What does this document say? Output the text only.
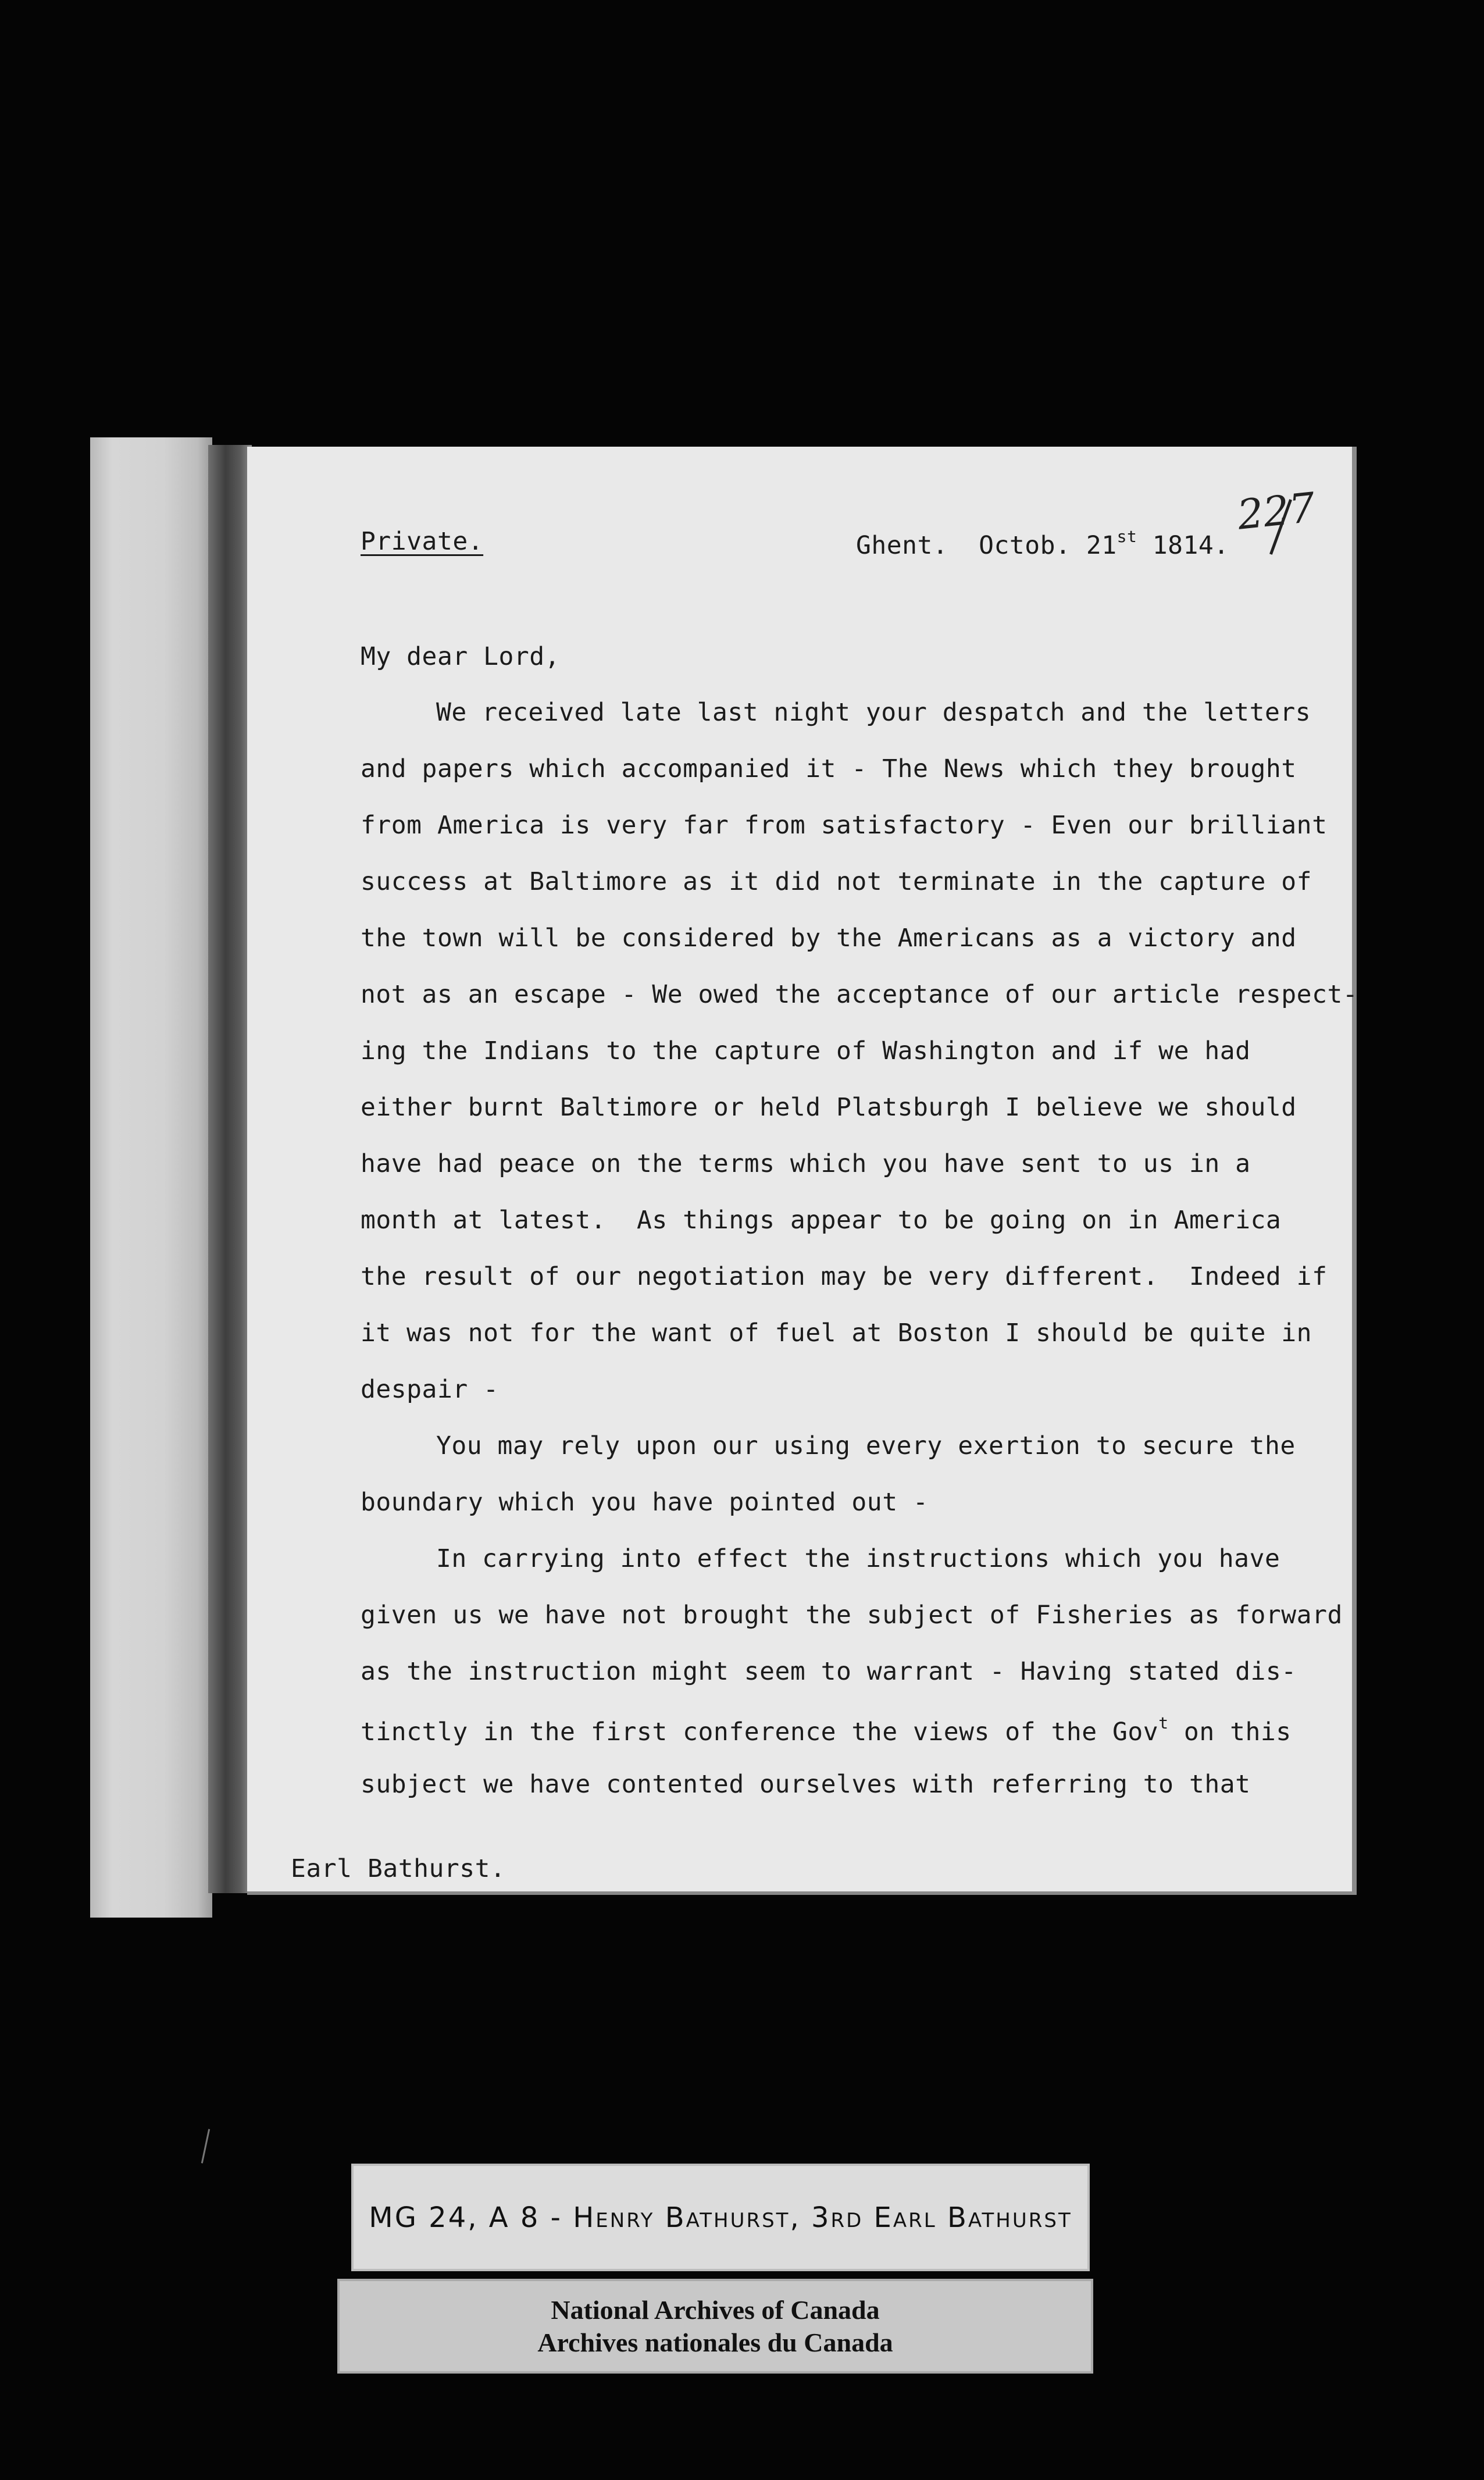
Private.	Ghent.  Octob. 21st 1814.
227
My dear Lord,
We received late last night your despatch and the letters
and papers which accompanied it - The News which they brought
from America is very far from satisfactory - Even our brilliant
success at Baltimore as it did not terminate in the capture of
the town will be considered by the Americans as a victory and
not as an escape - We owed the acceptance of our article respect-
ing the Indians to the capture of Washington and if we had
either burnt Baltimore or held Platsburgh I believe we should
have had peace on the terms which you have sent to us in a
month at latest.  As things appear to be going on in America
the result of our negotiation may be very different.  Indeed if
it was not for the want of fuel at Boston I should be quite in
despair -
You may rely upon our using every exertion to secure the
boundary which you have pointed out -
In carrying into effect the instructions which you have
given us we have not brought the subject of Fisheries as forward
as the instruction might seem to warrant - Having stated dis-
tinctly in the first conference the views of the Gov$^t$ on this
subject we have contented ourselves with referring to that
Earl Bathurst.
MG 24, A 8 - Henry Bathurst, 3rd Earl Bathurst
National Archives of Canada
Archives nationales du Canada
